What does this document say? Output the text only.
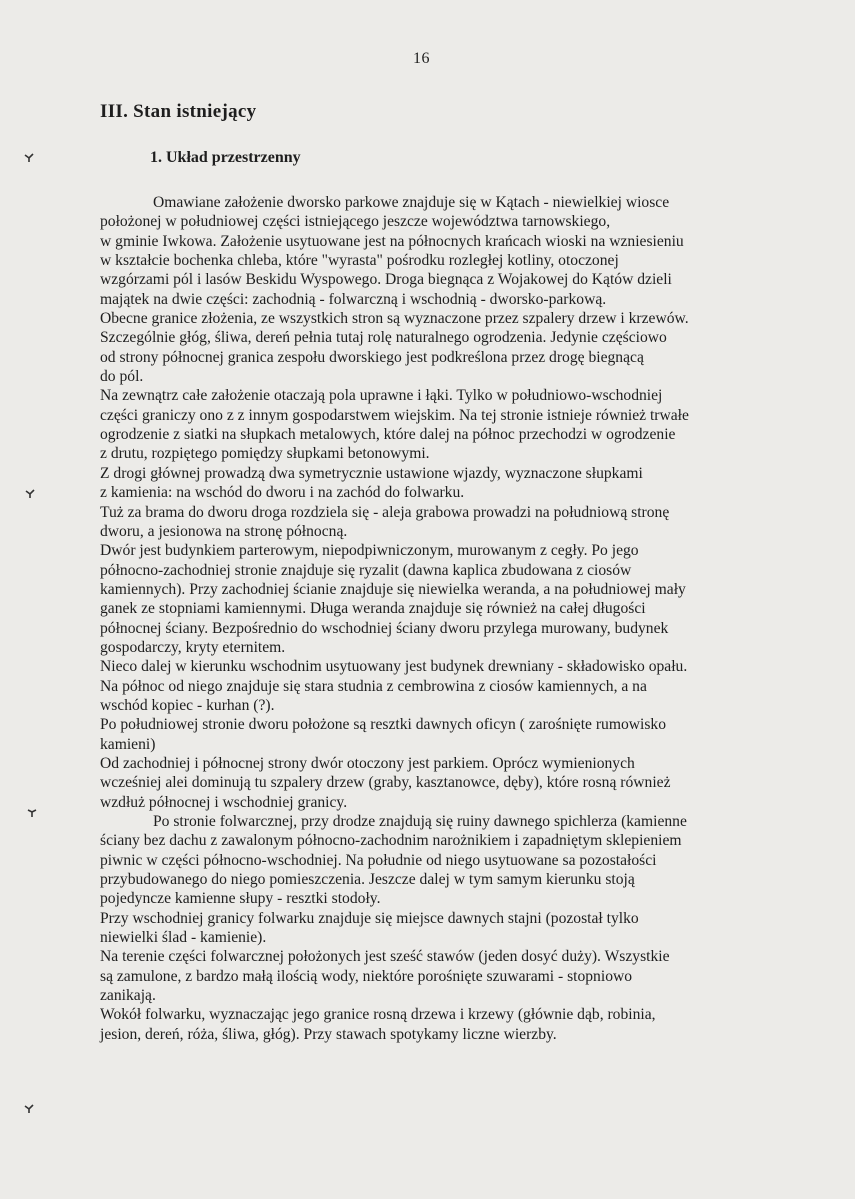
16
III. Stan istniejący
1. Układ przestrzenny
Omawiane założenie dworsko parkowe znajduje się w Kątach - niewielkiej wiosce
położonej w południowej części istniejącego jeszcze województwa tarnowskiego,
w gminie Iwkowa. Założenie usytuowane jest na północnych krańcach wioski na wzniesieniu
w kształcie bochenka chleba, które "wyrasta" pośrodku rozległej kotliny, otoczonej
wzgórzami pól i lasów Beskidu Wyspowego. Droga biegnąca z Wojakowej do Kątów dzieli
majątek na dwie części: zachodnią - folwarczną i wschodnią - dworsko-parkową.
Obecne granice złożenia, ze wszystkich stron są wyznaczone przez szpalery drzew i krzewów.
Szczególnie głóg, śliwa, dereń pełnia tutaj rolę naturalnego ogrodzenia. Jedynie częściowo
od strony północnej granica zespołu dworskiego jest podkreślona przez drogę biegnącą
do pól.
Na zewnątrz całe założenie otaczają pola uprawne i łąki. Tylko w południowo-wschodniej
części graniczy ono z z innym gospodarstwem wiejskim. Na tej stronie istnieje również trwałe
ogrodzenie z siatki na słupkach metalowych, które dalej na północ przechodzi w ogrodzenie
z drutu, rozpiętego pomiędzy słupkami betonowymi.
Z drogi głównej prowadzą dwa symetrycznie ustawione wjazdy, wyznaczone słupkami
z kamienia: na wschód do dworu i na zachód do folwarku.
Tuż za brama do dworu droga rozdziela się - aleja grabowa prowadzi na południową stronę
dworu, a jesionowa na stronę północną.
Dwór jest budynkiem parterowym, niepodpiwniczonym, murowanym z cegły. Po jego
północno-zachodniej stronie znajduje się ryzalit (dawna kaplica zbudowana z ciosów
kamiennych). Przy zachodniej ścianie znajduje się niewielka weranda, a na południowej mały
ganek ze stopniami kamiennymi. Długa weranda znajduje się również na całej długości
północnej ściany. Bezpośrednio do wschodniej ściany dworu przylega murowany, budynek
gospodarczy, kryty eternitem.
Nieco dalej w kierunku wschodnim usytuowany jest budynek drewniany - składowisko opału.
Na północ od niego znajduje się stara studnia z cembrowina z ciosów kamiennych, a na
wschód kopiec - kurhan (?).
Po południowej stronie dworu położone są resztki dawnych oficyn ( zarośnięte rumowisko
kamieni)
Od zachodniej i północnej strony dwór otoczony jest parkiem. Oprócz wymienionych
wcześniej alei dominują tu szpalery drzew (graby, kasztanowce, dęby), które rosną również
wzdłuż północnej i wschodniej granicy.
Po stronie folwarcznej, przy drodze znajdują się ruiny dawnego spichlerza (kamienne
ściany bez dachu z zawalonym północno-zachodnim narożnikiem i zapadniętym sklepieniem
piwnic w części północno-wschodniej. Na południe od niego usytuowane sa pozostałości
przybudowanego do niego pomieszczenia. Jeszcze dalej w tym samym kierunku stoją
pojedyncze kamienne słupy - resztki stodoły.
Przy wschodniej granicy folwarku znajduje się miejsce dawnych stajni (pozostał tylko
niewielki ślad - kamienie).
Na terenie części folwarcznej położonych jest sześć stawów (jeden dosyć duży). Wszystkie
są zamulone, z bardzo małą ilością wody, niektóre porośnięte szuwarami - stopniowo
zanikają.
Wokół folwarku, wyznaczając jego granice rosną drzewa i krzewy (głównie dąb, robinia,
jesion, dereń, róża, śliwa, głóg). Przy stawach spotykamy liczne wierzby.
